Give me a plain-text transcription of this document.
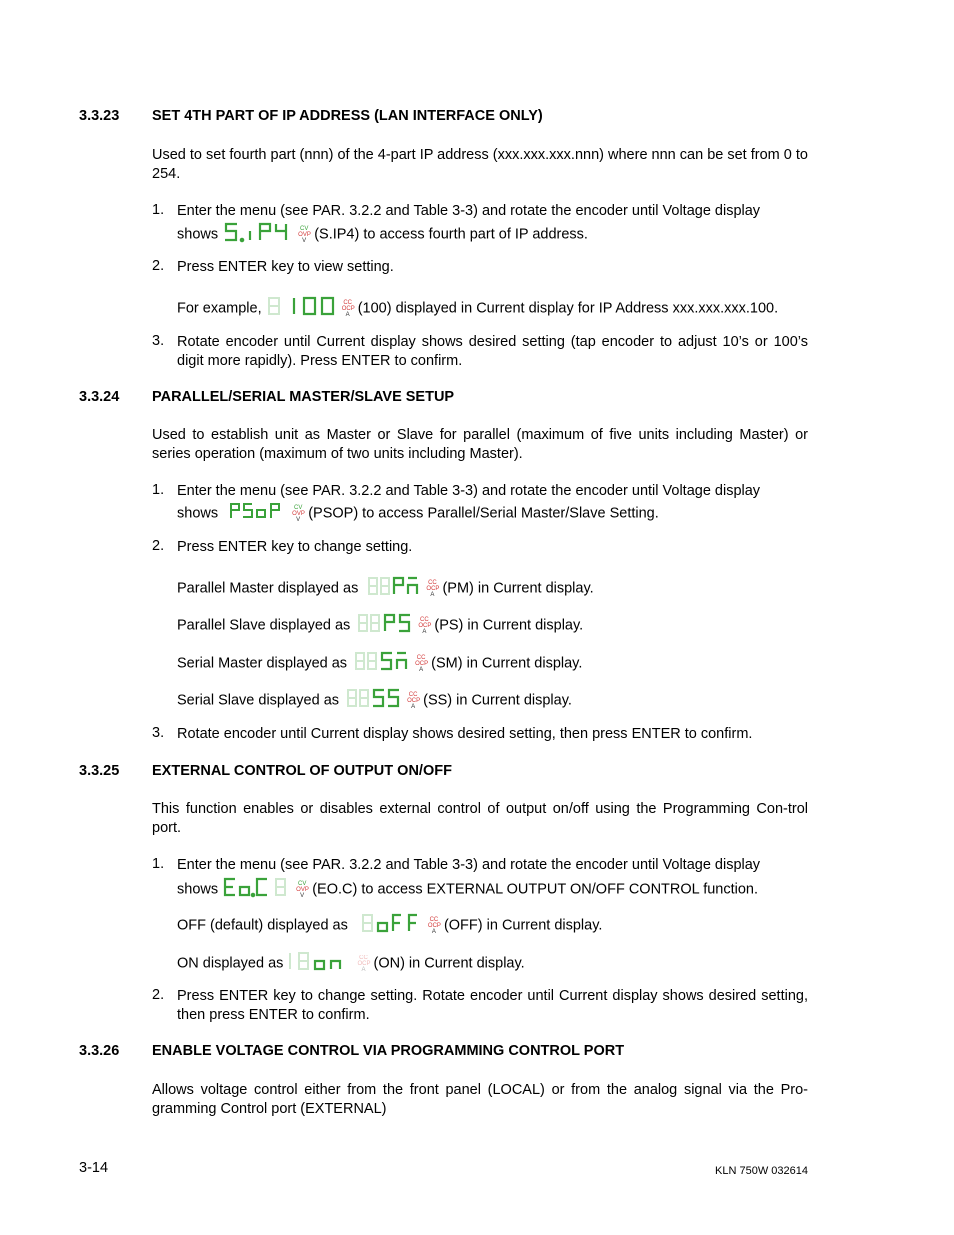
3.3.23 SET 4TH PART OF IP ADDRESS (LAN INTERFACE ONLY)
Used to set fourth part (nnn) of the 4-part IP address (xxx.xxx.xxx.nnn) where nnn can be set from 0 to 254.
1. Enter the menu (see PAR. 3.2.2 and Table 3-3) and rotate the encoder until Voltage display
shows	CV
OVP
V (S.IP4) to access fourth part of IP address.
2. Press ENTER key to view setting.
For example,	CC
OCP
A (100) displayed in Current display for IP Address xxx.xxx.xxx.100.
3. Rotate encoder until Current display shows desired setting (tap encoder to adjust 10’s or 100’s digit more rapidly). Press ENTER to confirm.
3.3.24 PARALLEL/SERIAL MASTER/SLAVE SETUP
Used to establish unit as Master or Slave for parallel (maximum of five units including Master) or series operation (maximum of two units including Master).
1. Enter the menu (see PAR. 3.2.2 and Table 3-3) and rotate the encoder until Voltage display
shows	CV
OVP
V (PSOP) to access Parallel/Serial Master/Slave Setting.
2. Press ENTER key to change setting.
Parallel Master displayed as	CC
OCP
A (PM) in Current display.
Parallel Slave displayed as	CC
OCP
A (PS) in Current display.
Serial Master displayed as	CC
OCP
A (SM) in Current display.
Serial Slave displayed as	CC
OCP
A (SS) in Current display.
3. Rotate encoder until Current display shows desired setting, then press ENTER to confirm.
3.3.25 EXTERNAL CONTROL OF OUTPUT ON/OFF
This function enables or disables external control of output on/off using the Programming Con-trol port.
1. Enter the menu (see PAR. 3.2.2 and Table 3-3) and rotate the encoder until Voltage display
shows	CV
OVP
V (EO.C) to access EXTERNAL OUTPUT ON/OFF CONTROL function.
OFF (default) displayed as	CC
OCP
A (OFF) in Current display.
ON displayed as	CC
OCP
A (ON) in Current display.
2. Press ENTER key to change setting. Rotate encoder until Current display shows desired setting, then press ENTER to confirm.
3.3.26 ENABLE VOLTAGE CONTROL VIA PROGRAMMING CONTROL PORT
Allows voltage control either from the front panel (LOCAL) or from the analog signal via the Pro-gramming Control port (EXTERNAL)
3-14	KLN 750W 032614
